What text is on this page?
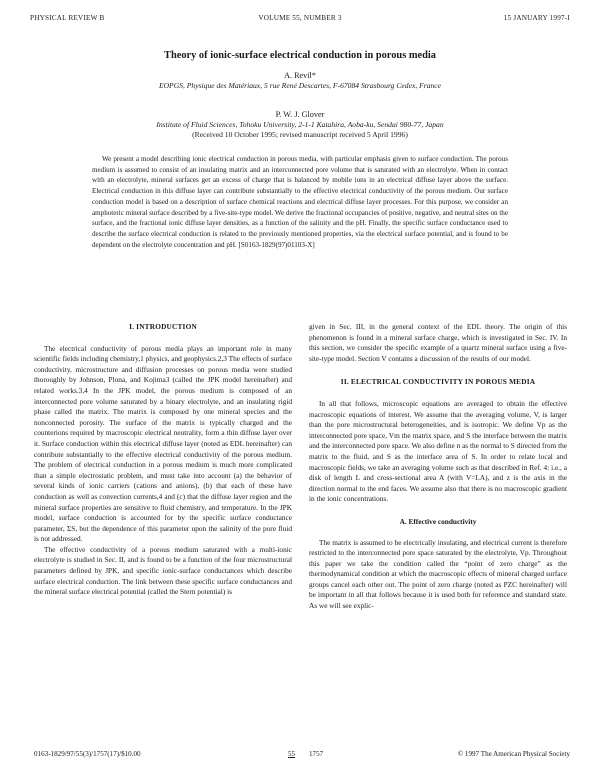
PHYSICAL REVIEW B	VOLUME 55, NUMBER 3	15 JANUARY 1997-I
Theory of ionic-surface electrical conduction in porous media
A. Revil*
EOPGS, Physique des Matériaux, 5 rue René Descartes, F-67084 Strasbourg Cedex, France
P. W. J. Glover
Institute of Fluid Sciences, Tohoku University, 2-1-1 Katahira, Aoba-ku, Sendai 980-77, Japan
(Received 10 October 1995; revised manuscript received 5 April 1996)

We present a model describing ionic electrical conduction in porous media, with particular emphasis given to surface conduction. The porous medium is assumed to consist of an insulating matrix and an interconnected pore volume that is saturated with an electrolyte. When in contact with an electrolyte, mineral surfaces get an excess of charge that is balanced by mobile ions in an electrical diffuse layer above the surface. Electrical conduction in this diffuse layer can contribute substantially to the effective electrical conductivity of the porous medium. Our surface conduction model is based on a description of surface chemical reactions and electrical diffuse layer processes. For this purpose, we consider an amphoteric mineral surface described by a five-site-type model. We derive the fractional occupancies of positive, negative, and neutral sites on the surface, and the fractional ionic diffuse layer densities, as a function of the salinity and the pH. Finally, the specific surface conductance used to describe the surface electrical conduction is related to the previously mentioned properties, via the electrical surface potential, and is found to be dependent on the electrolyte concentration and pH. [S0163-1829(97)01103-X]

I. INTRODUCTION

The electrical conductivity of porous media plays an important role in many scientific fields including chemistry,1 physics, and geophysics.2,3 The effects of surface conductivity, microstructure and diffusion processes on porous media were studied thoroughly by Johnson, Plona, and Kojima3 (called the JPK model hereinafter) and related works.3,4 In the JPK model, the porous medium is composed of an interconnected pore volume saturated by a binary electrolyte, and an insulating rigid phase called the matrix. The matrix is composed by one mineral species and the nonconnected porosity. The surface of the matrix is typically charged and the counterions required by macroscopic electrical neutrality, form a thin diffuse layer over it. Surface conduction within this electrical diffuse layer (noted as EDL hereinafter) can contribute substantially to the effective electrical conductivity of the porous medium. The problem of electrical conduction in a porous medium is much more complicated than a simple electrostatic problem, and must take into account (a) the behavior of several kinds of ionic carriers (cations and anions), (b) that each of these have conduction as well as convection currents,4 and (c) that the diffuse layer region and the mineral surface properties are sensitive to fluid chemistry, and temperature. In the JPK model, surface conduction is accounted for by the specific surface conductance parameter, ΣS, but the dependence of this parameter upon the salinity of the pore fluid is not addressed.

The effective conductivity of a porous medium saturated with a multi-ionic electrolyte is studied in Sec. II, and is found to be a function of the four microstructural parameters defined by JPK, and specific ionic-surface conductances which describe surface electrical conduction. The link between these specific surface conductances and the mineral surface electrical potential (called the Stern potential) is

given in Sec. III, in the general context of the EDL theory. The origin of this phenomenon is found in a mineral surface charge, which is investigated in Sec. IV. In this section, we consider the specific example of a quartz mineral surface using a five-site-type model. Section V contains a discussion of the results of our model.

II. ELECTRICAL CONDUCTIVITY IN POROUS MEDIA

In all that follows, microscopic equations are averaged to obtain the effective macroscopic equations of interest. We assume that the averaging volume, V, is larger than the pore microstructural heterogeneities, and is isotropic. We define Vp as the interconnected pore space, Vm the matrix space, and S the interface between the matrix and the interconnected pore space. We also define n as the normal to S directed from the matrix to the fluid, and S as the interface area of S. In order to relate local and macroscopic fields, we take an averaging volume such as that described in Ref. 4: i.e., a disk of length L and cross-sectional area A (with V=LA), and z is the axis in the direction normal to the end faces. We assume also that there is no macroscopic gradient in the ionic concentrations.

A. Effective conductivity

The matrix is assumed to be electrically insulating, and electrical current is therefore restricted to the interconnected pore space saturated by the electrolyte, Vp. Throughout this paper we take the condition called the “point of zero charge” as the thermodynamical condition at which the macroscopic effects of mineral charged surface groups cancel each other out. The point of zero charge (noted as PZC hereinafter) will be important in all that follows because it is used both for reference and standard state. As we will see explic-

0163-1829/97/55(3)/1757(17)/$10.00	55 1757	© 1997 The American Physical Society
